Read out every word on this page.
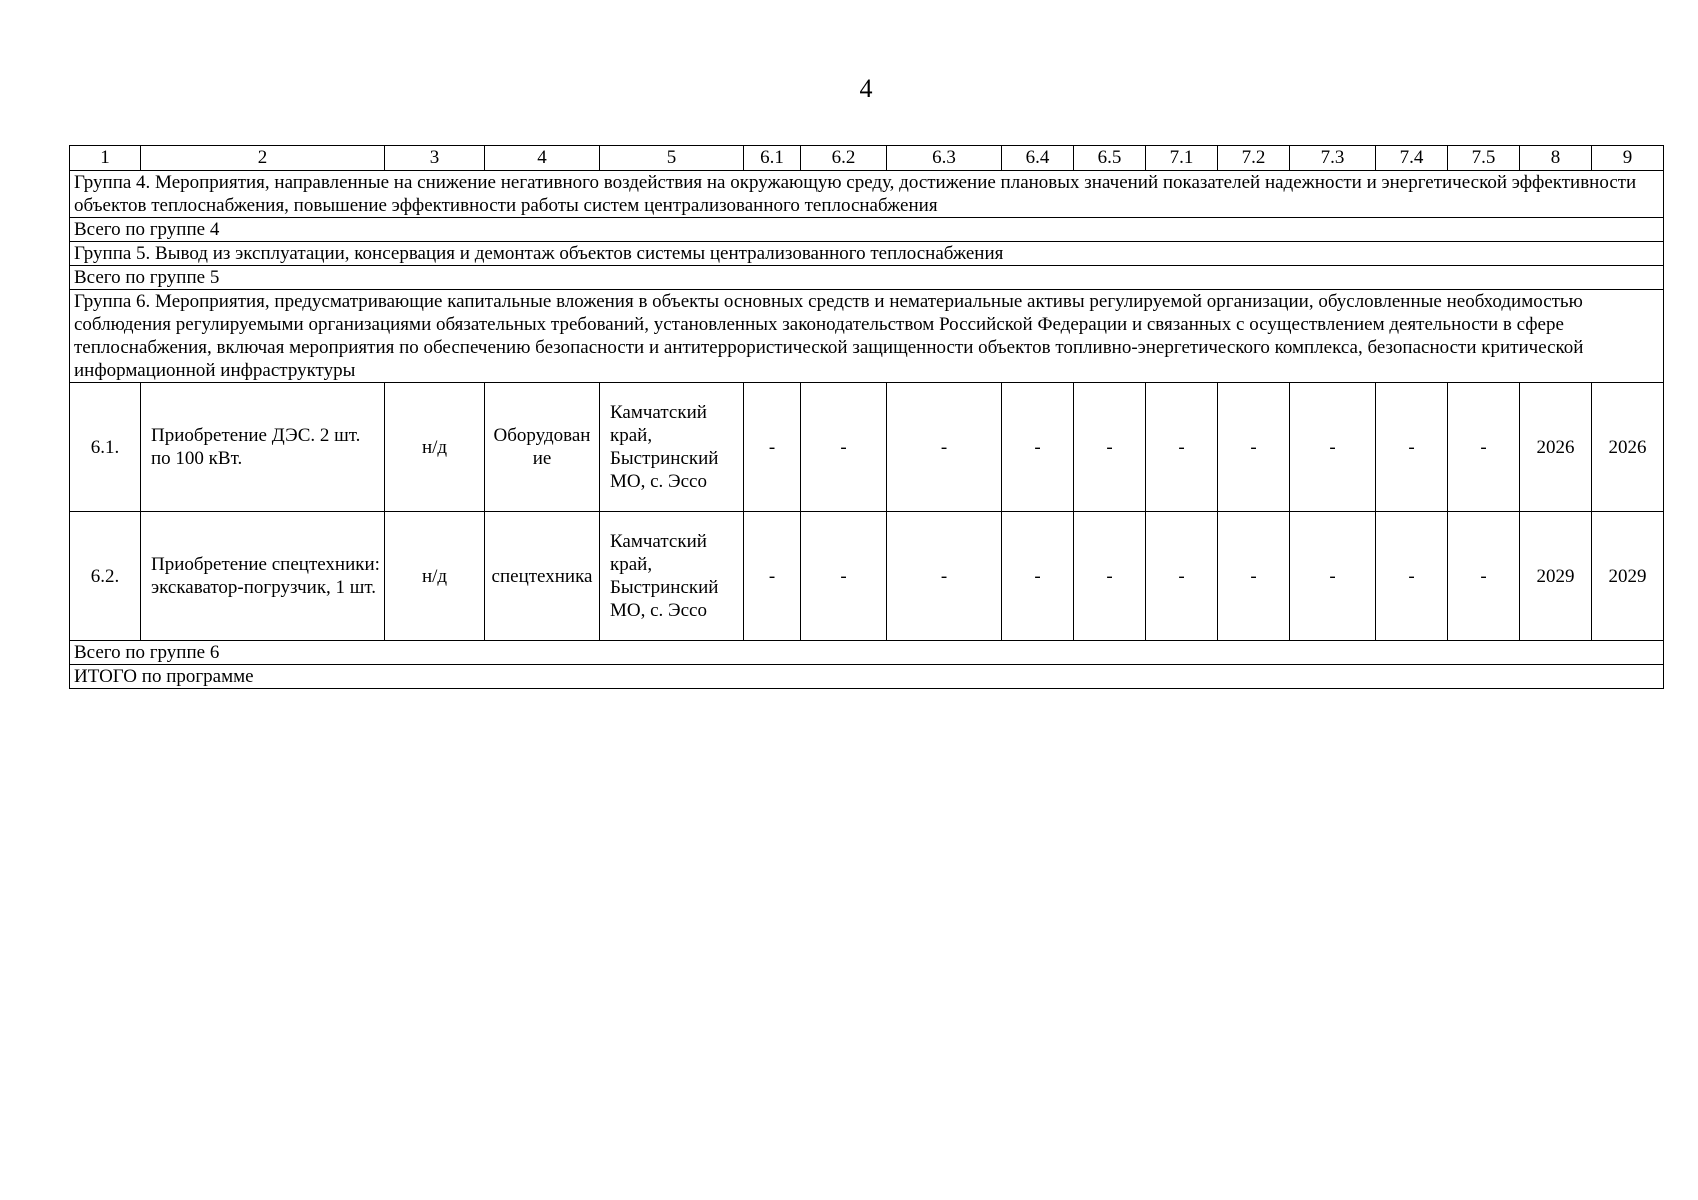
4
1	2	3	4	5	6.1	6.2	6.3	6.4	6.5	7.1	7.2	7.3	7.4	7.5	8	9
Группа 4. Мероприятия, направленные на снижение негативного воздействия на окружающую среду, достижение плановых значений показателей надежности и энергетической эффективности объектов теплоснабжения, повышение эффективности работы систем централизованного теплоснабжения																
Всего по группе 4																
Группа 5. Вывод из эксплуатации, консервация и демонтаж объектов системы централизованного теплоснабжения																
Всего по группе 5																
Группа 6. Мероприятия, предусматривающие капитальные вложения в объекты основных средств и нематериальные активы регулируемой организации, обусловленные необходимостью соблюдения регулируемыми организациями обязательных требований, установленных законодательством Российской Федерации и связанных с осуществлением деятельности в сфере теплоснабжения, включая мероприятия по обеспечению безопасности и антитеррористической защищенности объектов топливно-энергетического комплекса, безопасности критической информационной инфраструктуры																
6.1.	Приобретение ДЭС. 2 шт. по 100 кВт.	н/д	Оборудование	Камчатский край, Быстринский МО, с. Эссо	-	-	-	-	-	-	-	-	-	-	2026	2026
6.2.	Приобретение спецтехники: экскаватор-погрузчик, 1 шт.	н/д	спецтехника	Камчатский край, Быстринский МО, с. Эссо	-	-	-	-	-	-	-	-	-	-	2029	2029
Всего по группе 6																
ИТОГО по программе																
